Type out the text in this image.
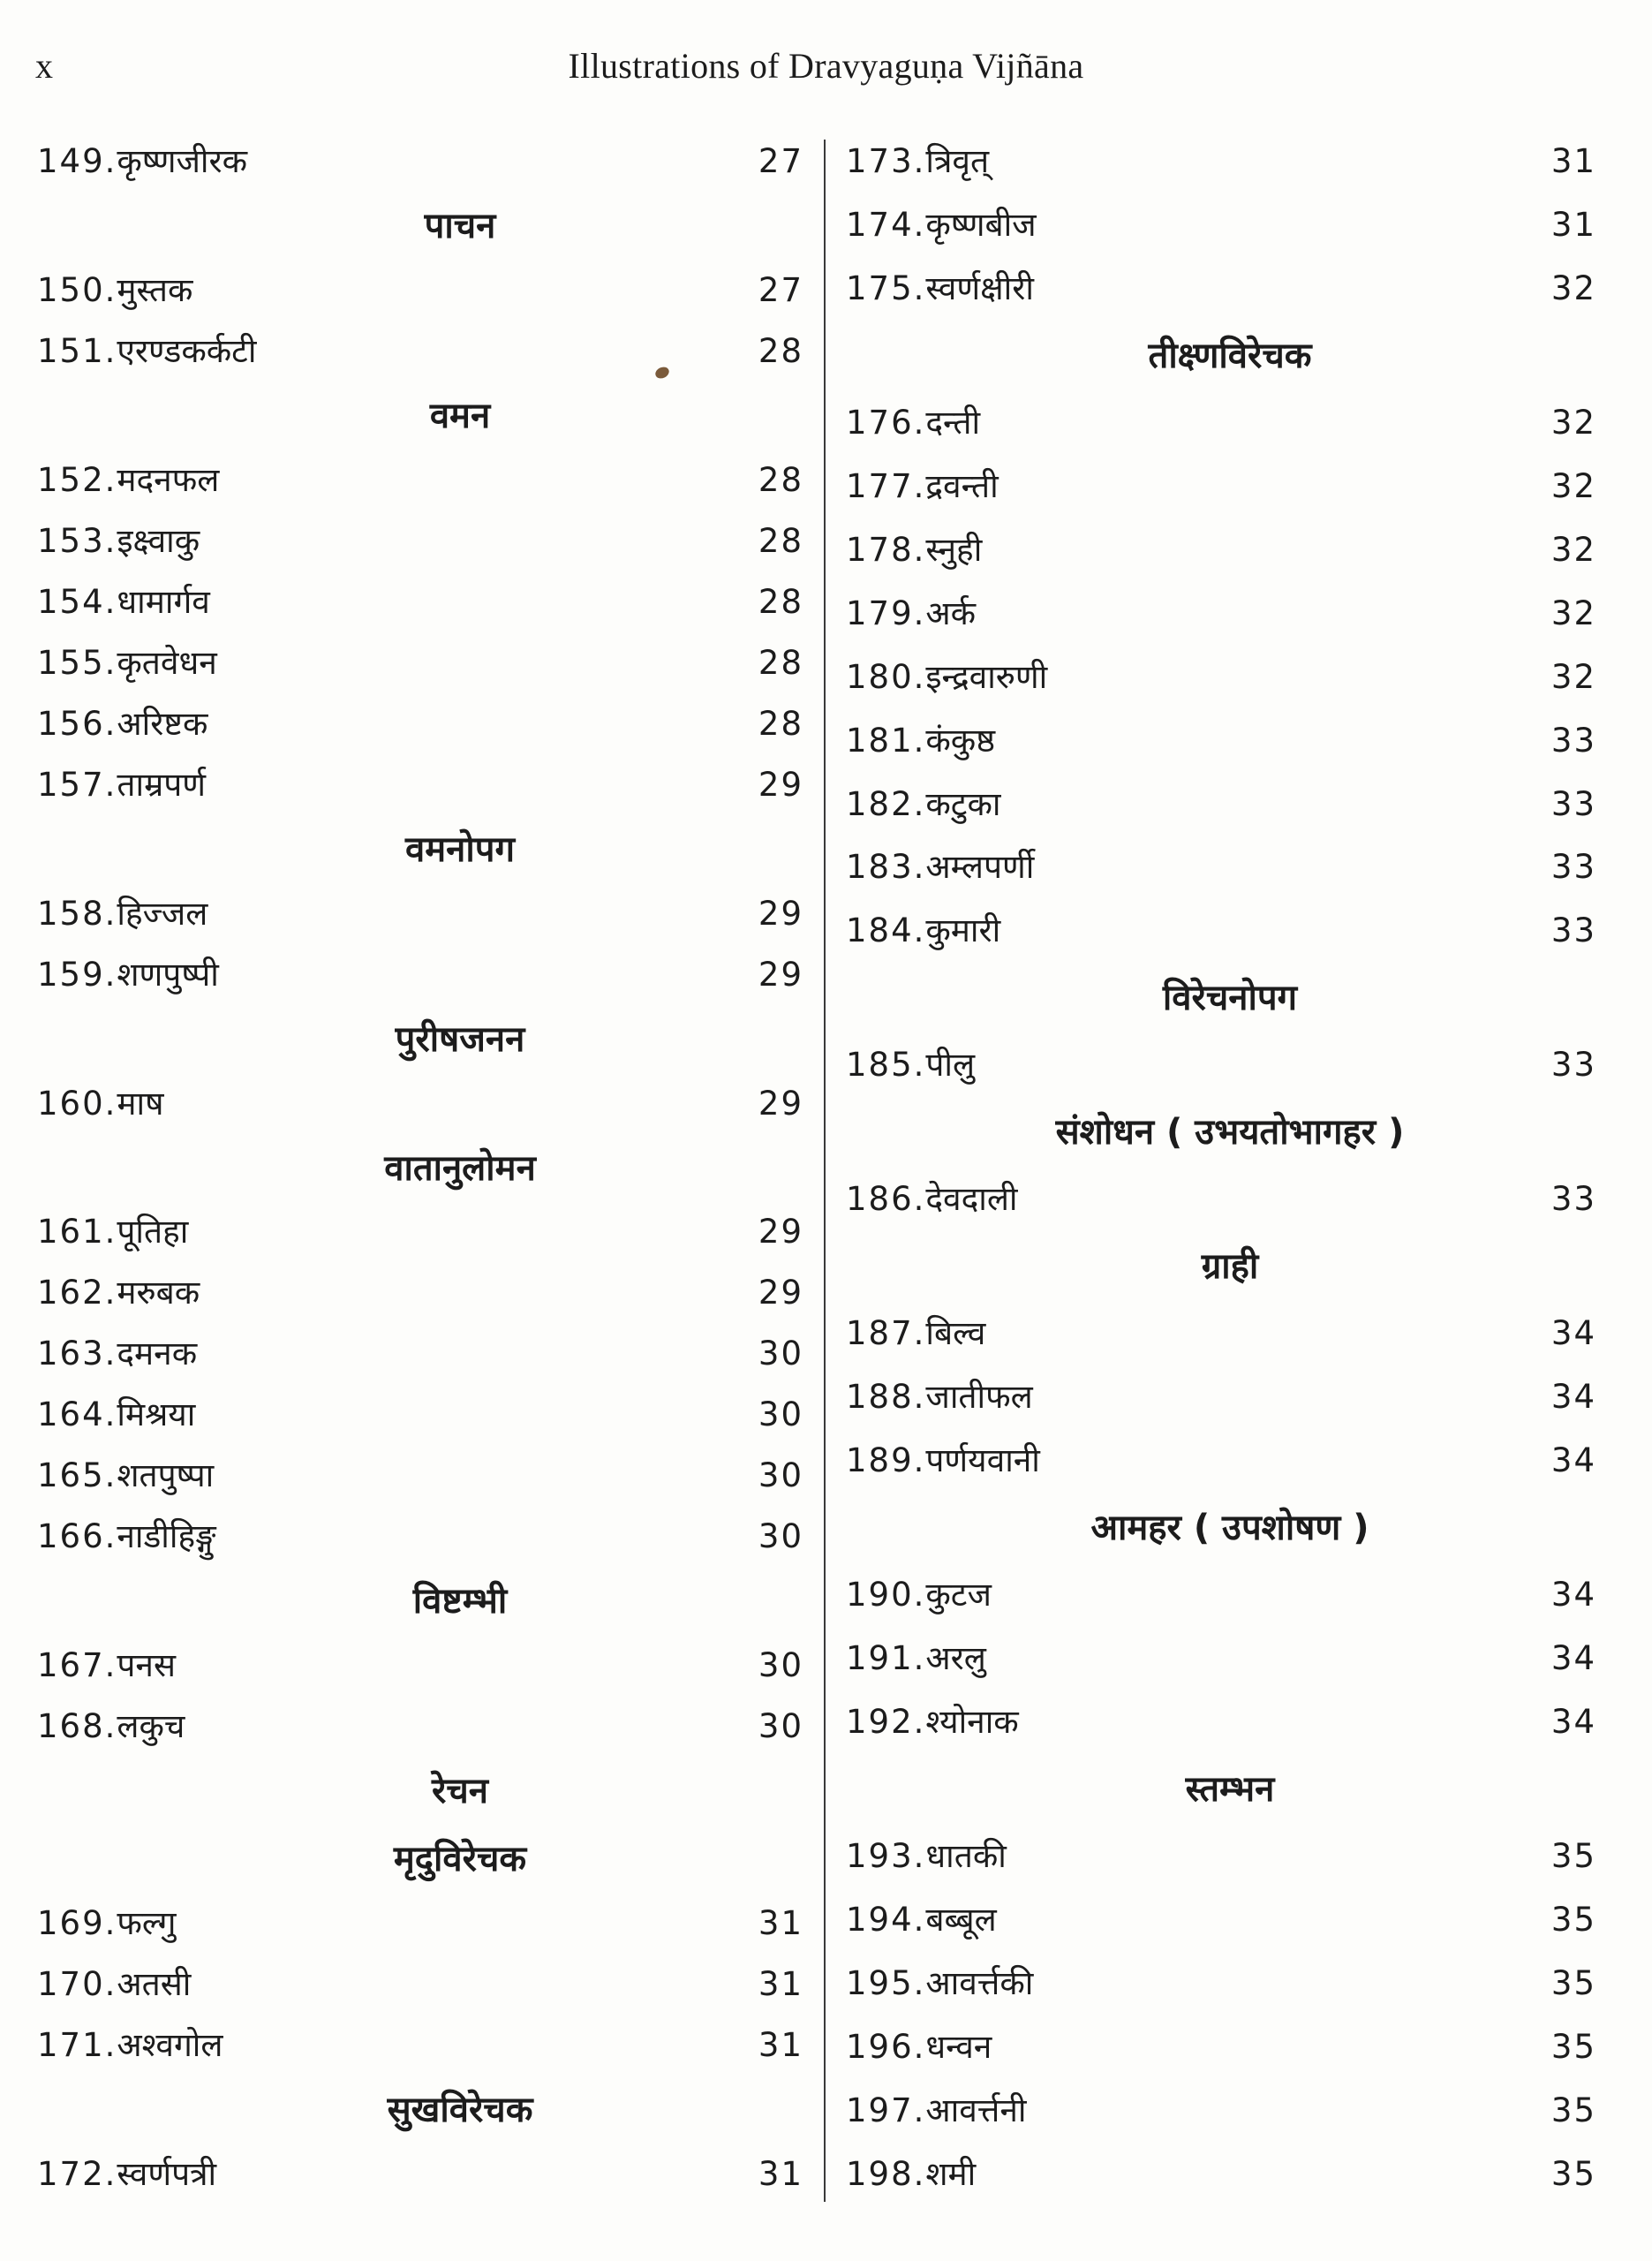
x	Illustrations of Dravyaguṇa Vijñāna
149. कृष्णजीरक	27
पाचन
150. मुस्तक	27
151. एरण्डकर्कटी	28
वमन
152. मदनफल	28
153. इक्ष्वाकु	28
154. धामार्गव	28
155. कृतवेधन	28
156. अरिष्टक	28
157. ताम्रपर्ण	29
वमनोपग
158. हिज्जल	29
159. शणपुष्पी	29
पुरीषजनन
160. माष	29
वातानुलोमन
161. पूतिहा	29
162. मरुबक	29
163. दमनक	30
164. मिश्रया	30
165. शतपुष्पा	30
166. नाडीहिङ्गु	30
विष्टम्भी
167. पनस	30
168. लकुच	30
रेचन
मृदुविरेचक
169. फल्गु	31
170. अतसी	31
171. अश्वगोल	31
सुखविरेचक
172. स्वर्णपत्री	31
173. त्रिवृत्	31
174. कृष्णबीज	31
175. स्वर्णक्षीरी	32
तीक्ष्णविरेचक
176. दन्ती	32
177. द्रवन्ती	32
178. स्नुही	32
179. अर्क	32
180. इन्द्रवारुणी	32
181. कंकुष्ठ	33
182. कटुका	33
183. अम्लपर्णी	33
184. कुमारी	33
विरेचनोपग
185. पीलु	33
संशोधन ( उभयतोभागहर )
186. देवदाली	33
ग्राही
187. बिल्व	34
188. जातीफल	34
189. पर्णयवानी	34
आमहर ( उपशोषण )
190. कुटज	34
191. अरलु	34
192. श्योनाक	34
स्तम्भन
193. धातकी	35
194. बब्बूल	35
195. आवर्त्तकी	35
196. धन्वन	35
197. आवर्त्तनी	35
198. शमी	35
